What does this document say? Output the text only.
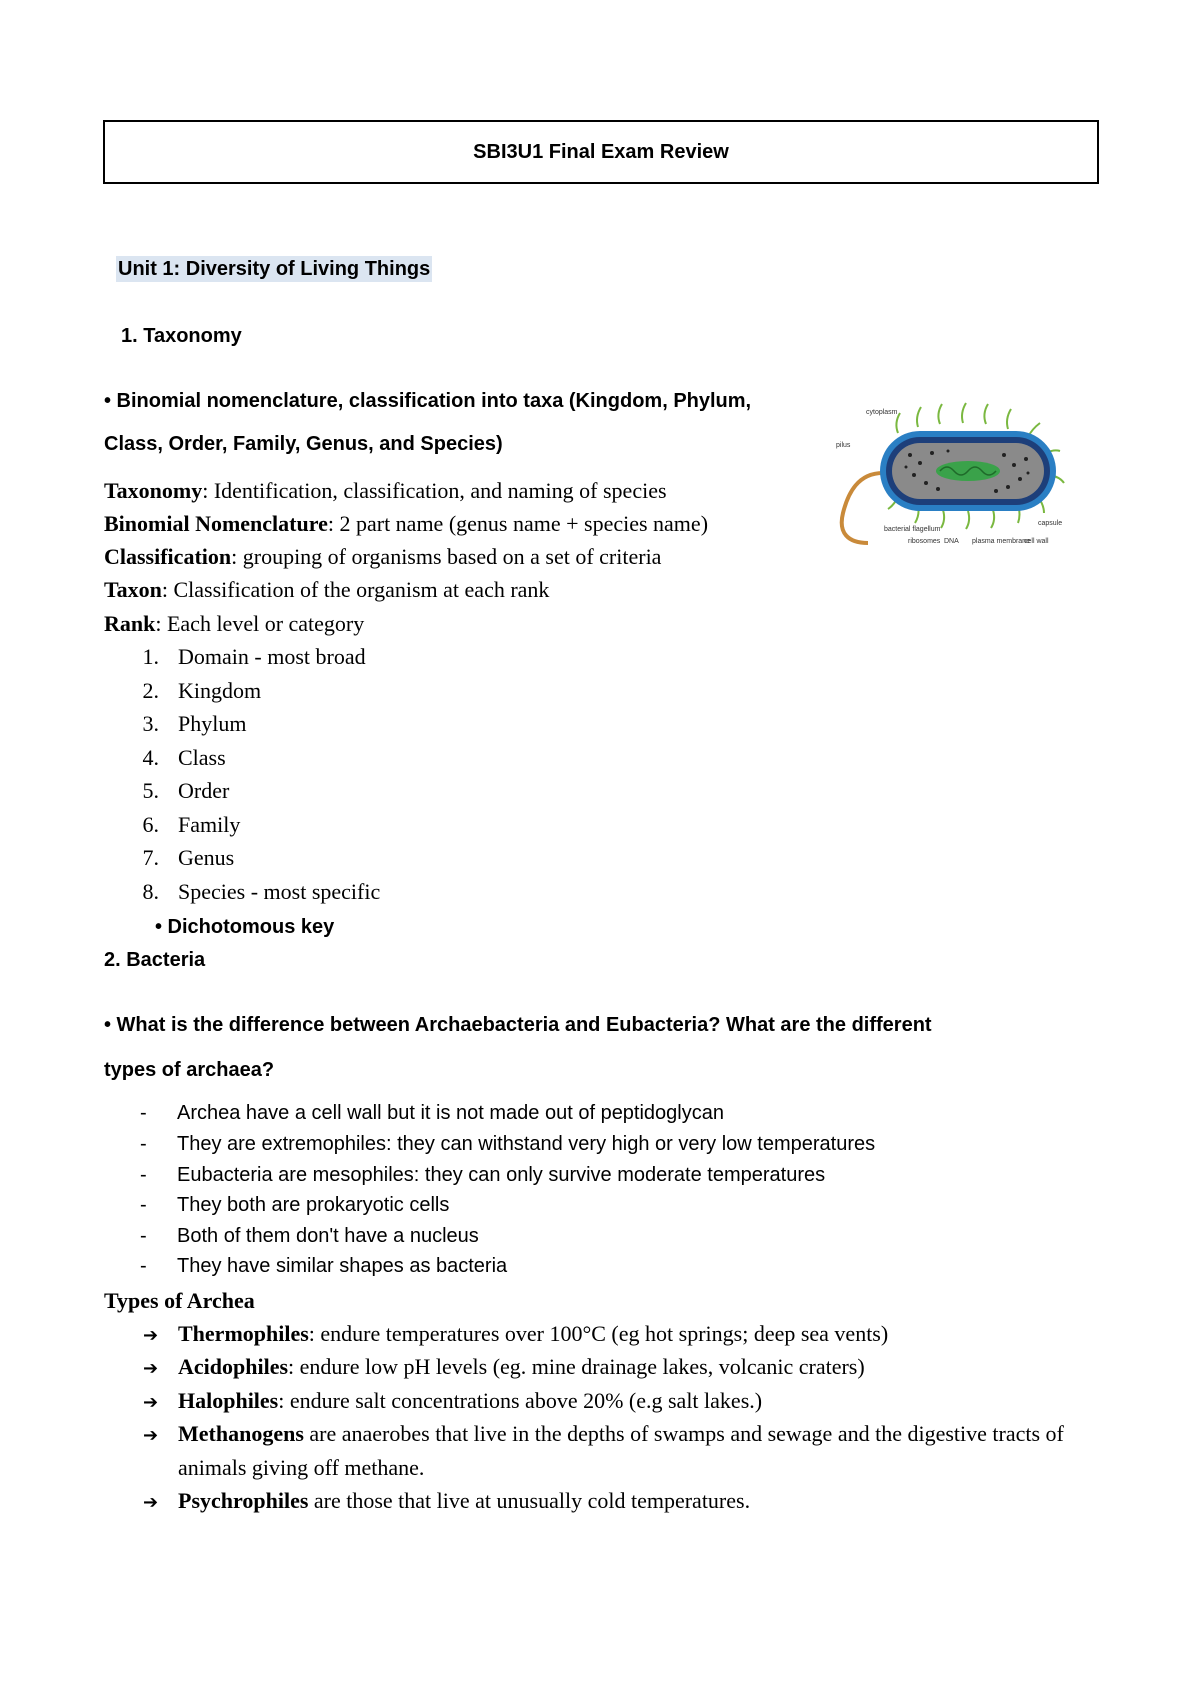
SBI3U1 Final Exam Review
Unit 1: Diversity of Living Things
1. Taxonomy
• Binomial nomenclature, classification into taxa (Kingdom, Phylum,
Class, Order, Family, Genus, and Species)
Taxonomy: Identification, classification, and naming of species
Binomial Nomenclature: 2 part name (genus name + species name)
Classification: grouping of organisms based on a set of criteria
Taxon: Classification of the organism at each rank
Rank: Each level or category
1. Domain - most broad
2. Kingdom
3. Phylum
4. Class
5. Order
6. Family
7. Genus
8. Species - most specific
• Dichotomous key
2. Bacteria
• What is the difference between Archaebacteria and Eubacteria? What are the different
types of archaea?
- Archea have a cell wall but it is not made out of peptidoglycan
- They are extremophiles: they can withstand very high or very low temperatures
- Eubacteria are mesophiles: they can only survive moderate temperatures
- They both are prokaryotic cells
- Both of them don't have a nucleus
- They have similar shapes as bacteria
Types of Archea
➔ Thermophiles: endure temperatures over 100°C (eg hot springs; deep sea vents)
➔ Acidophiles: endure low pH levels (eg. mine drainage lakes, volcanic craters)
➔ Halophiles: endure salt concentrations above 20% (e.g salt lakes.)
➔ Methanogens are anaerobes that live in the depths of swamps and sewage and the digestive tracts of
animals giving off methane.
➔ Psychrophiles are those that live at unusually cold temperatures.
cytoplasm
pilus
bacterial flagellum
ribosomes DNA plasma membrane
cell wall
capsule
